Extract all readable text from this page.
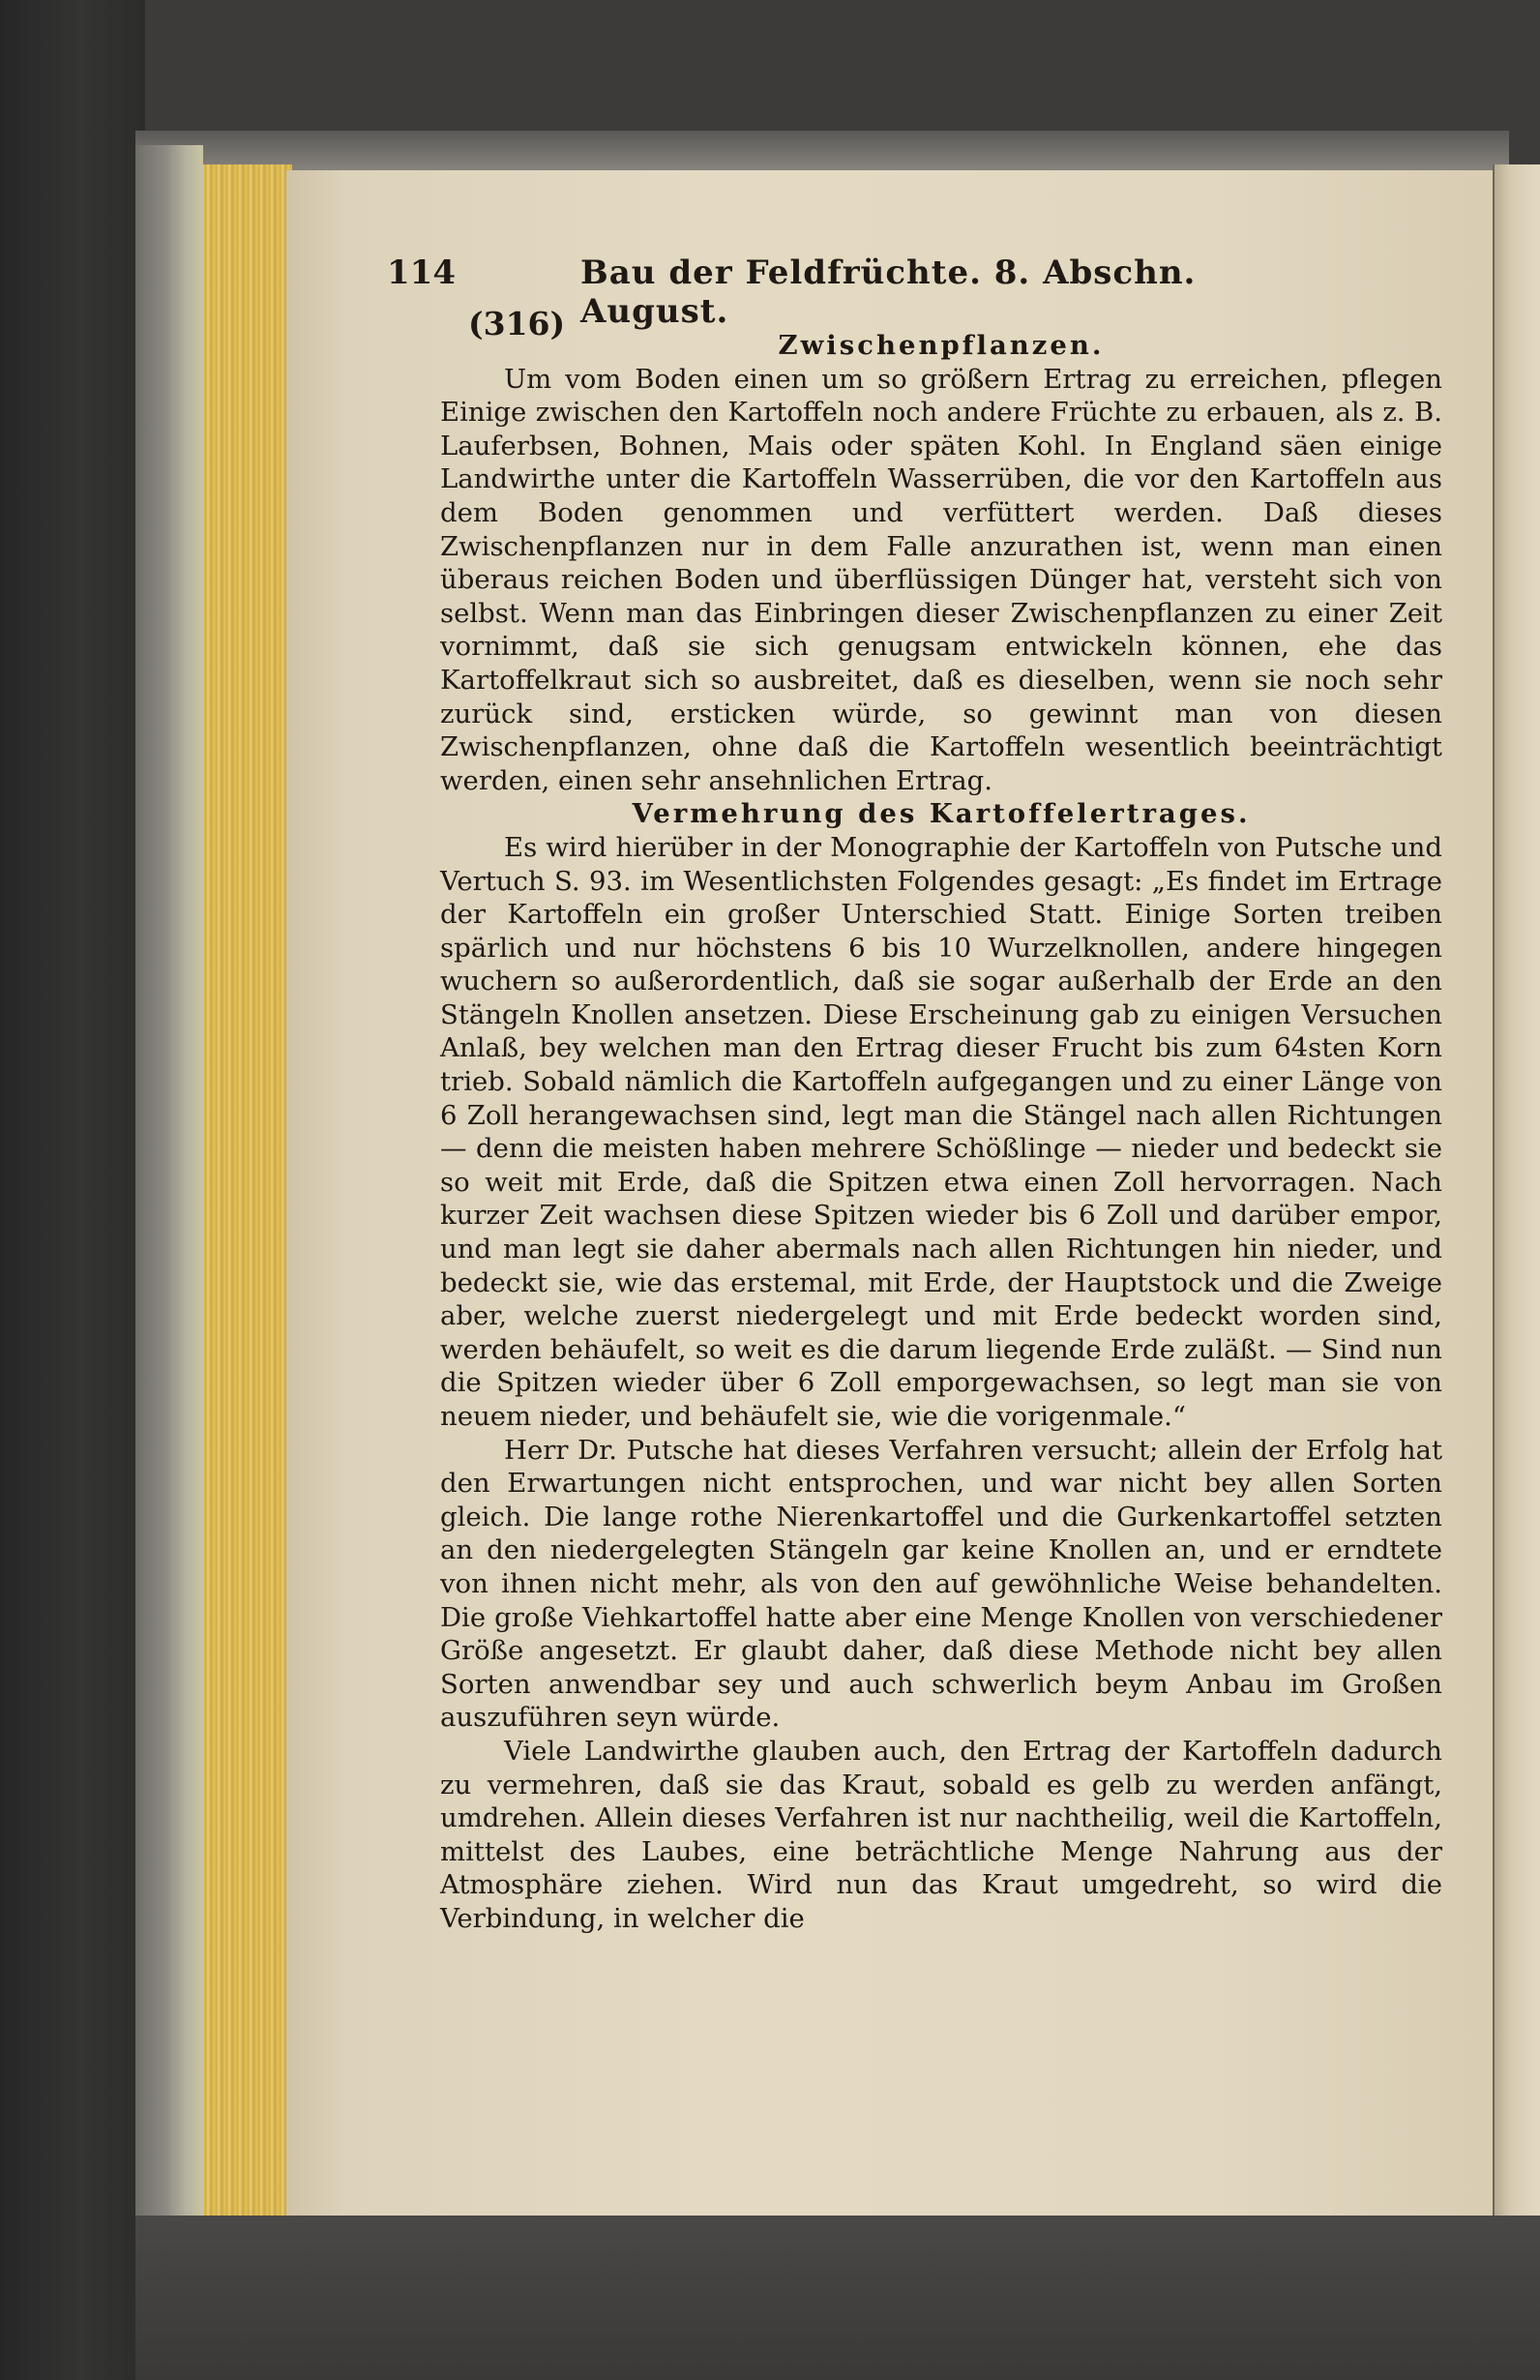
114	Bau der Feldfrüchte. 8. Abschn. August.
(316)

Zwischenpflanzen.

Um vom Boden einen um so größern Ertrag zu erreichen, pflegen Einige zwischen den Kartoffeln noch andere Früchte zu erbauen, als z. B. Lauferbsen, Bohnen, Mais oder späten Kohl. In England säen einige Landwirthe unter die Kartoffeln Wasserrüben, die vor den Kartoffeln aus dem Boden genommen und verfüttert werden. Daß dieses Zwischenpflanzen nur in dem Falle anzurathen ist, wenn man einen überaus reichen Boden und überflüssigen Dünger hat, versteht sich von selbst. Wenn man das Einbringen dieser Zwischenpflanzen zu einer Zeit vornimmt, daß sie sich genugsam entwickeln können, ehe das Kartoffelkraut sich so ausbreitet, daß es dieselben, wenn sie noch sehr zurück sind, ersticken würde, so gewinnt man von diesen Zwischenpflanzen, ohne daß die Kartoffeln wesentlich beeinträchtigt werden, einen sehr ansehnlichen Ertrag.

Vermehrung des Kartoffelertrages.

Es wird hierüber in der Monographie der Kartoffeln von Putsche und Vertuch S. 93. im Wesentlichsten Folgendes gesagt: „Es findet im Ertrage der Kartoffeln ein großer Unterschied Statt. Einige Sorten treiben spärlich und nur höchstens 6 bis 10 Wurzelknollen, andere hingegen wuchern so außerordentlich, daß sie sogar außerhalb der Erde an den Stängeln Knollen ansetzen. Diese Erscheinung gab zu einigen Versuchen Anlaß, bey welchen man den Ertrag dieser Frucht bis zum 64sten Korn trieb. Sobald nämlich die Kartoffeln aufgegangen und zu einer Länge von 6 Zoll herangewachsen sind, legt man die Stängel nach allen Richtungen — denn die meisten haben mehrere Schößlinge — nieder und bedeckt sie so weit mit Erde, daß die Spitzen etwa einen Zoll hervorragen. Nach kurzer Zeit wachsen diese Spitzen wieder bis 6 Zoll und darüber empor, und man legt sie daher abermals nach allen Richtungen hin nieder, und bedeckt sie, wie das erstemal, mit Erde, der Hauptstock und die Zweige aber, welche zuerst niedergelegt und mit Erde bedeckt worden sind, werden behäufelt, so weit es die darum liegende Erde zuläßt. — Sind nun die Spitzen wieder über 6 Zoll emporgewachsen, so legt man sie von neuem nieder, und behäufelt sie, wie die vorigenmale.“

Herr Dr. Putsche hat dieses Verfahren versucht; allein der Erfolg hat den Erwartungen nicht entsprochen, und war nicht bey allen Sorten gleich. Die lange rothe Nierenkartoffel und die Gurkenkartoffel setzten an den niedergelegten Stängeln gar keine Knollen an, und er erndtete von ihnen nicht mehr, als von den auf gewöhnliche Weise behandelten. Die große Viehkartoffel hatte aber eine Menge Knollen von verschiedener Größe angesetzt. Er glaubt daher, daß diese Methode nicht bey allen Sorten anwendbar sey und auch schwerlich beym Anbau im Großen auszuführen seyn würde.

Viele Landwirthe glauben auch, den Ertrag der Kartoffeln dadurch zu vermehren, daß sie das Kraut, sobald es gelb zu werden anfängt, umdrehen. Allein dieses Verfahren ist nur nachtheilig, weil die Kartoffeln, mittelst des Laubes, eine beträchtliche Menge Nahrung aus der Atmosphäre ziehen. Wird nun das Kraut umgedreht, so wird die Verbindung, in welcher die
